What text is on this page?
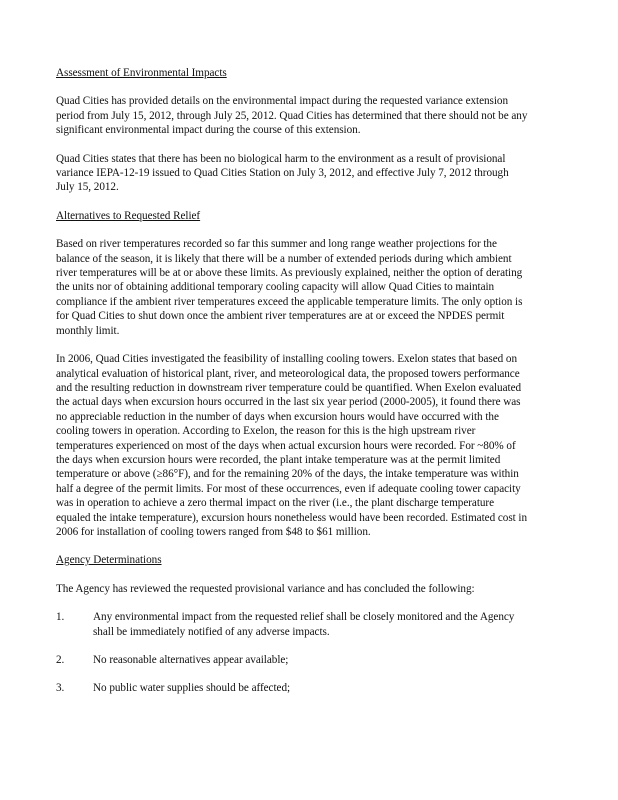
Assessment of Environmental Impacts

Quad Cities has provided details on the environmental impact during the requested variance extension period from July 15, 2012, through July 25, 2012. Quad Cities has determined that there should not be any significant environmental impact during the course of this extension.

Quad Cities states that there has been no biological harm to the environment as a result of provisional variance IEPA-12-19 issued to Quad Cities Station on July 3, 2012, and effective July 7, 2012 through July 15, 2012.

Alternatives to Requested Relief

Based on river temperatures recorded so far this summer and long range weather projections for the balance of the season, it is likely that there will be a number of extended periods during which ambient river temperatures will be at or above these limits. As previously explained, neither the option of derating the units nor of obtaining additional temporary cooling capacity will allow Quad Cities to maintain compliance if the ambient river temperatures exceed the applicable temperature limits. The only option is for Quad Cities to shut down once the ambient river temperatures are at or exceed the NPDES permit monthly limit.

In 2006, Quad Cities investigated the feasibility of installing cooling towers. Exelon states that based on analytical evaluation of historical plant, river, and meteorological data, the proposed towers performance and the resulting reduction in downstream river temperature could be quantified. When Exelon evaluated the actual days when excursion hours occurred in the last six year period (2000-2005), it found there was no appreciable reduction in the number of days when excursion hours would have occurred with the cooling towers in operation. According to Exelon, the reason for this is the high upstream river temperatures experienced on most of the days when actual excursion hours were recorded. For ~80% of the days when excursion hours were recorded, the plant intake temperature was at the permit limited temperature or above (≥86°F), and for the remaining 20% of the days, the intake temperature was within half a degree of the permit limits. For most of these occurrences, even if adequate cooling tower capacity was in operation to achieve a zero thermal impact on the river (i.e., the plant discharge temperature equaled the intake temperature), excursion hours nonetheless would have been recorded. Estimated cost in 2006 for installation of cooling towers ranged from $48 to $61 million.

Agency Determinations

The Agency has reviewed the requested provisional variance and has concluded the following:

1.	Any environmental impact from the requested relief shall be closely monitored and the Agency shall be immediately notified of any adverse impacts.
2.	No reasonable alternatives appear available;
3.	No public water supplies should be affected;
